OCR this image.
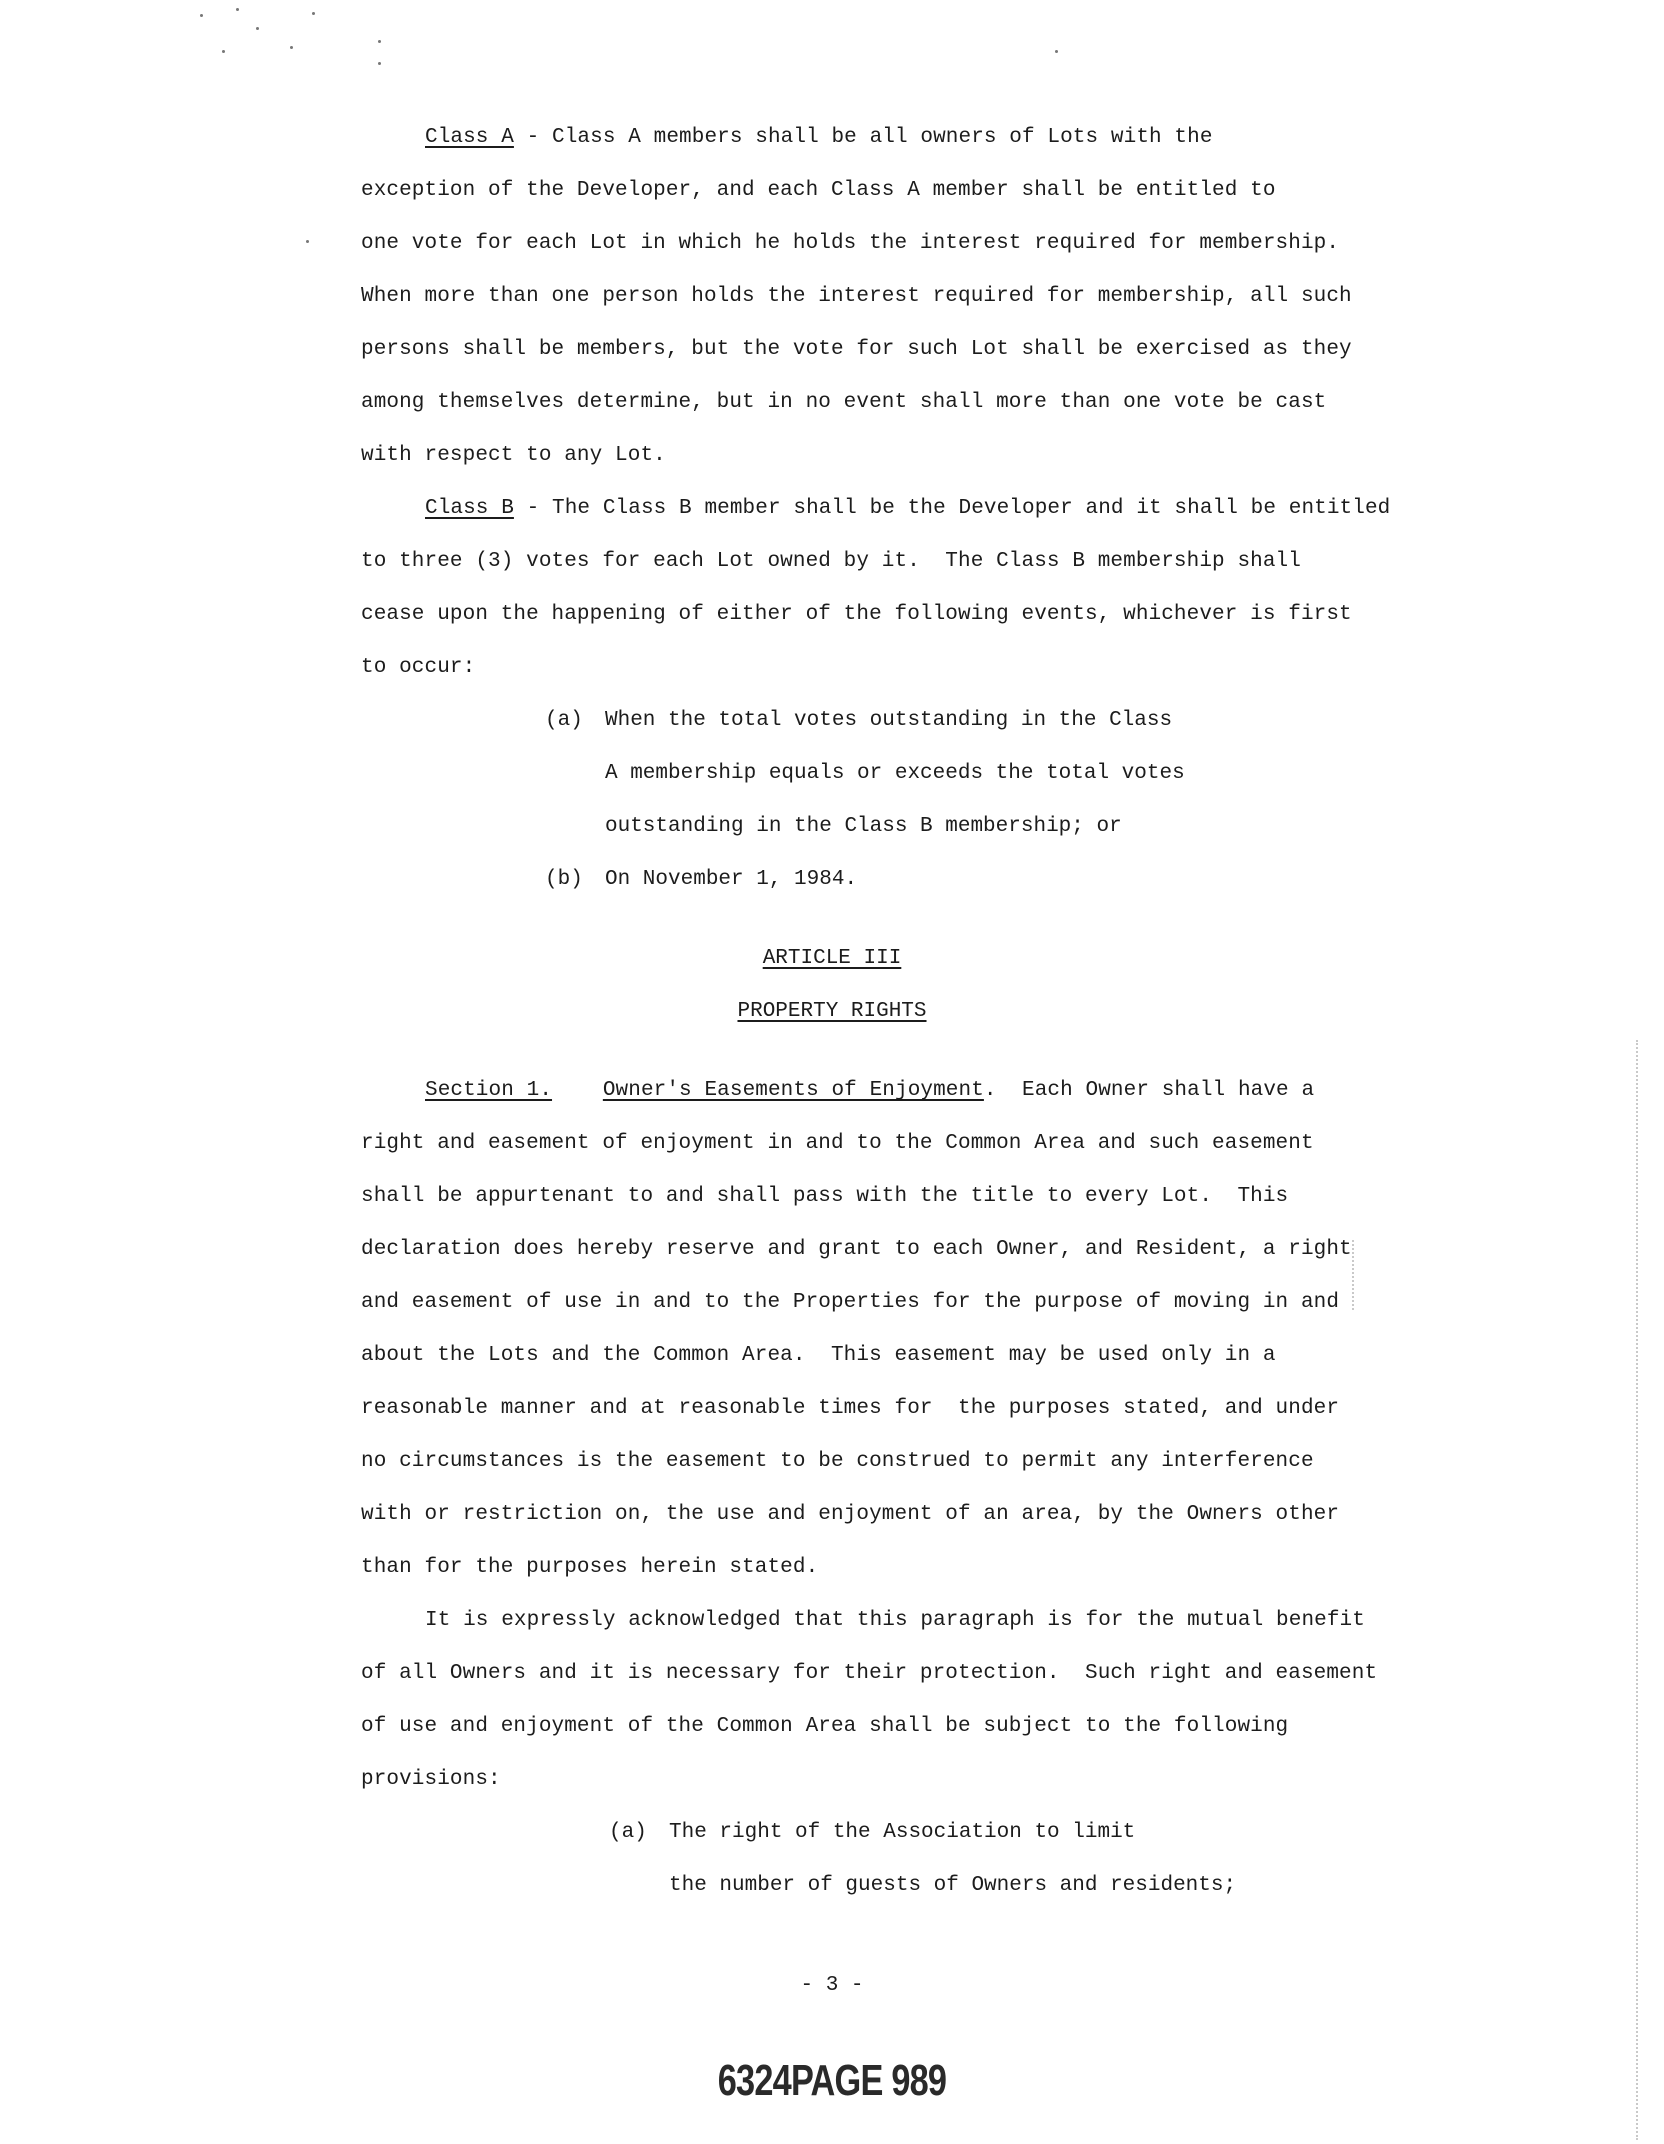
Class A - Class A members shall be all owners of Lots with the
exception of the Developer, and each Class A member shall be entitled to
one vote for each Lot in which he holds the interest required for membership.
When more than one person holds the interest required for membership, all such
persons shall be members, but the vote for such Lot shall be exercised as they
among themselves determine, but in no event shall more than one vote be cast
with respect to any Lot.
Class B - The Class B member shall be the Developer and it shall be entitled
to three (3) votes for each Lot owned by it.  The Class B membership shall
cease upon the happening of either of the following events, whichever is first
to occur:
(a) When the total votes outstanding in the Class
A membership equals or exceeds the total votes
outstanding in the Class B membership; or
(b) On November 1, 1984.
ARTICLE III
PROPERTY RIGHTS
Section 1. Owner's Easements of Enjoyment.  Each Owner shall have a
right and easement of enjoyment in and to the Common Area and such easement
shall be appurtenant to and shall pass with the title to every Lot.  This
declaration does hereby reserve and grant to each Owner, and Resident, a right
and easement of use in and to the Properties for the purpose of moving in and
about the Lots and the Common Area.  This easement may be used only in a
reasonable manner and at reasonable times for  the purposes stated, and under
no circumstances is the easement to be construed to permit any interference
with or restriction on, the use and enjoyment of an area, by the Owners other
than for the purposes herein stated.
It is expressly acknowledged that this paragraph is for the mutual benefit
of all Owners and it is necessary for their protection.  Such right and easement
of use and enjoyment of the Common Area shall be subject to the following
provisions:
(a) The right of the Association to limit
the number of guests of Owners and residents;
- 3 -
6324PAGE 989
